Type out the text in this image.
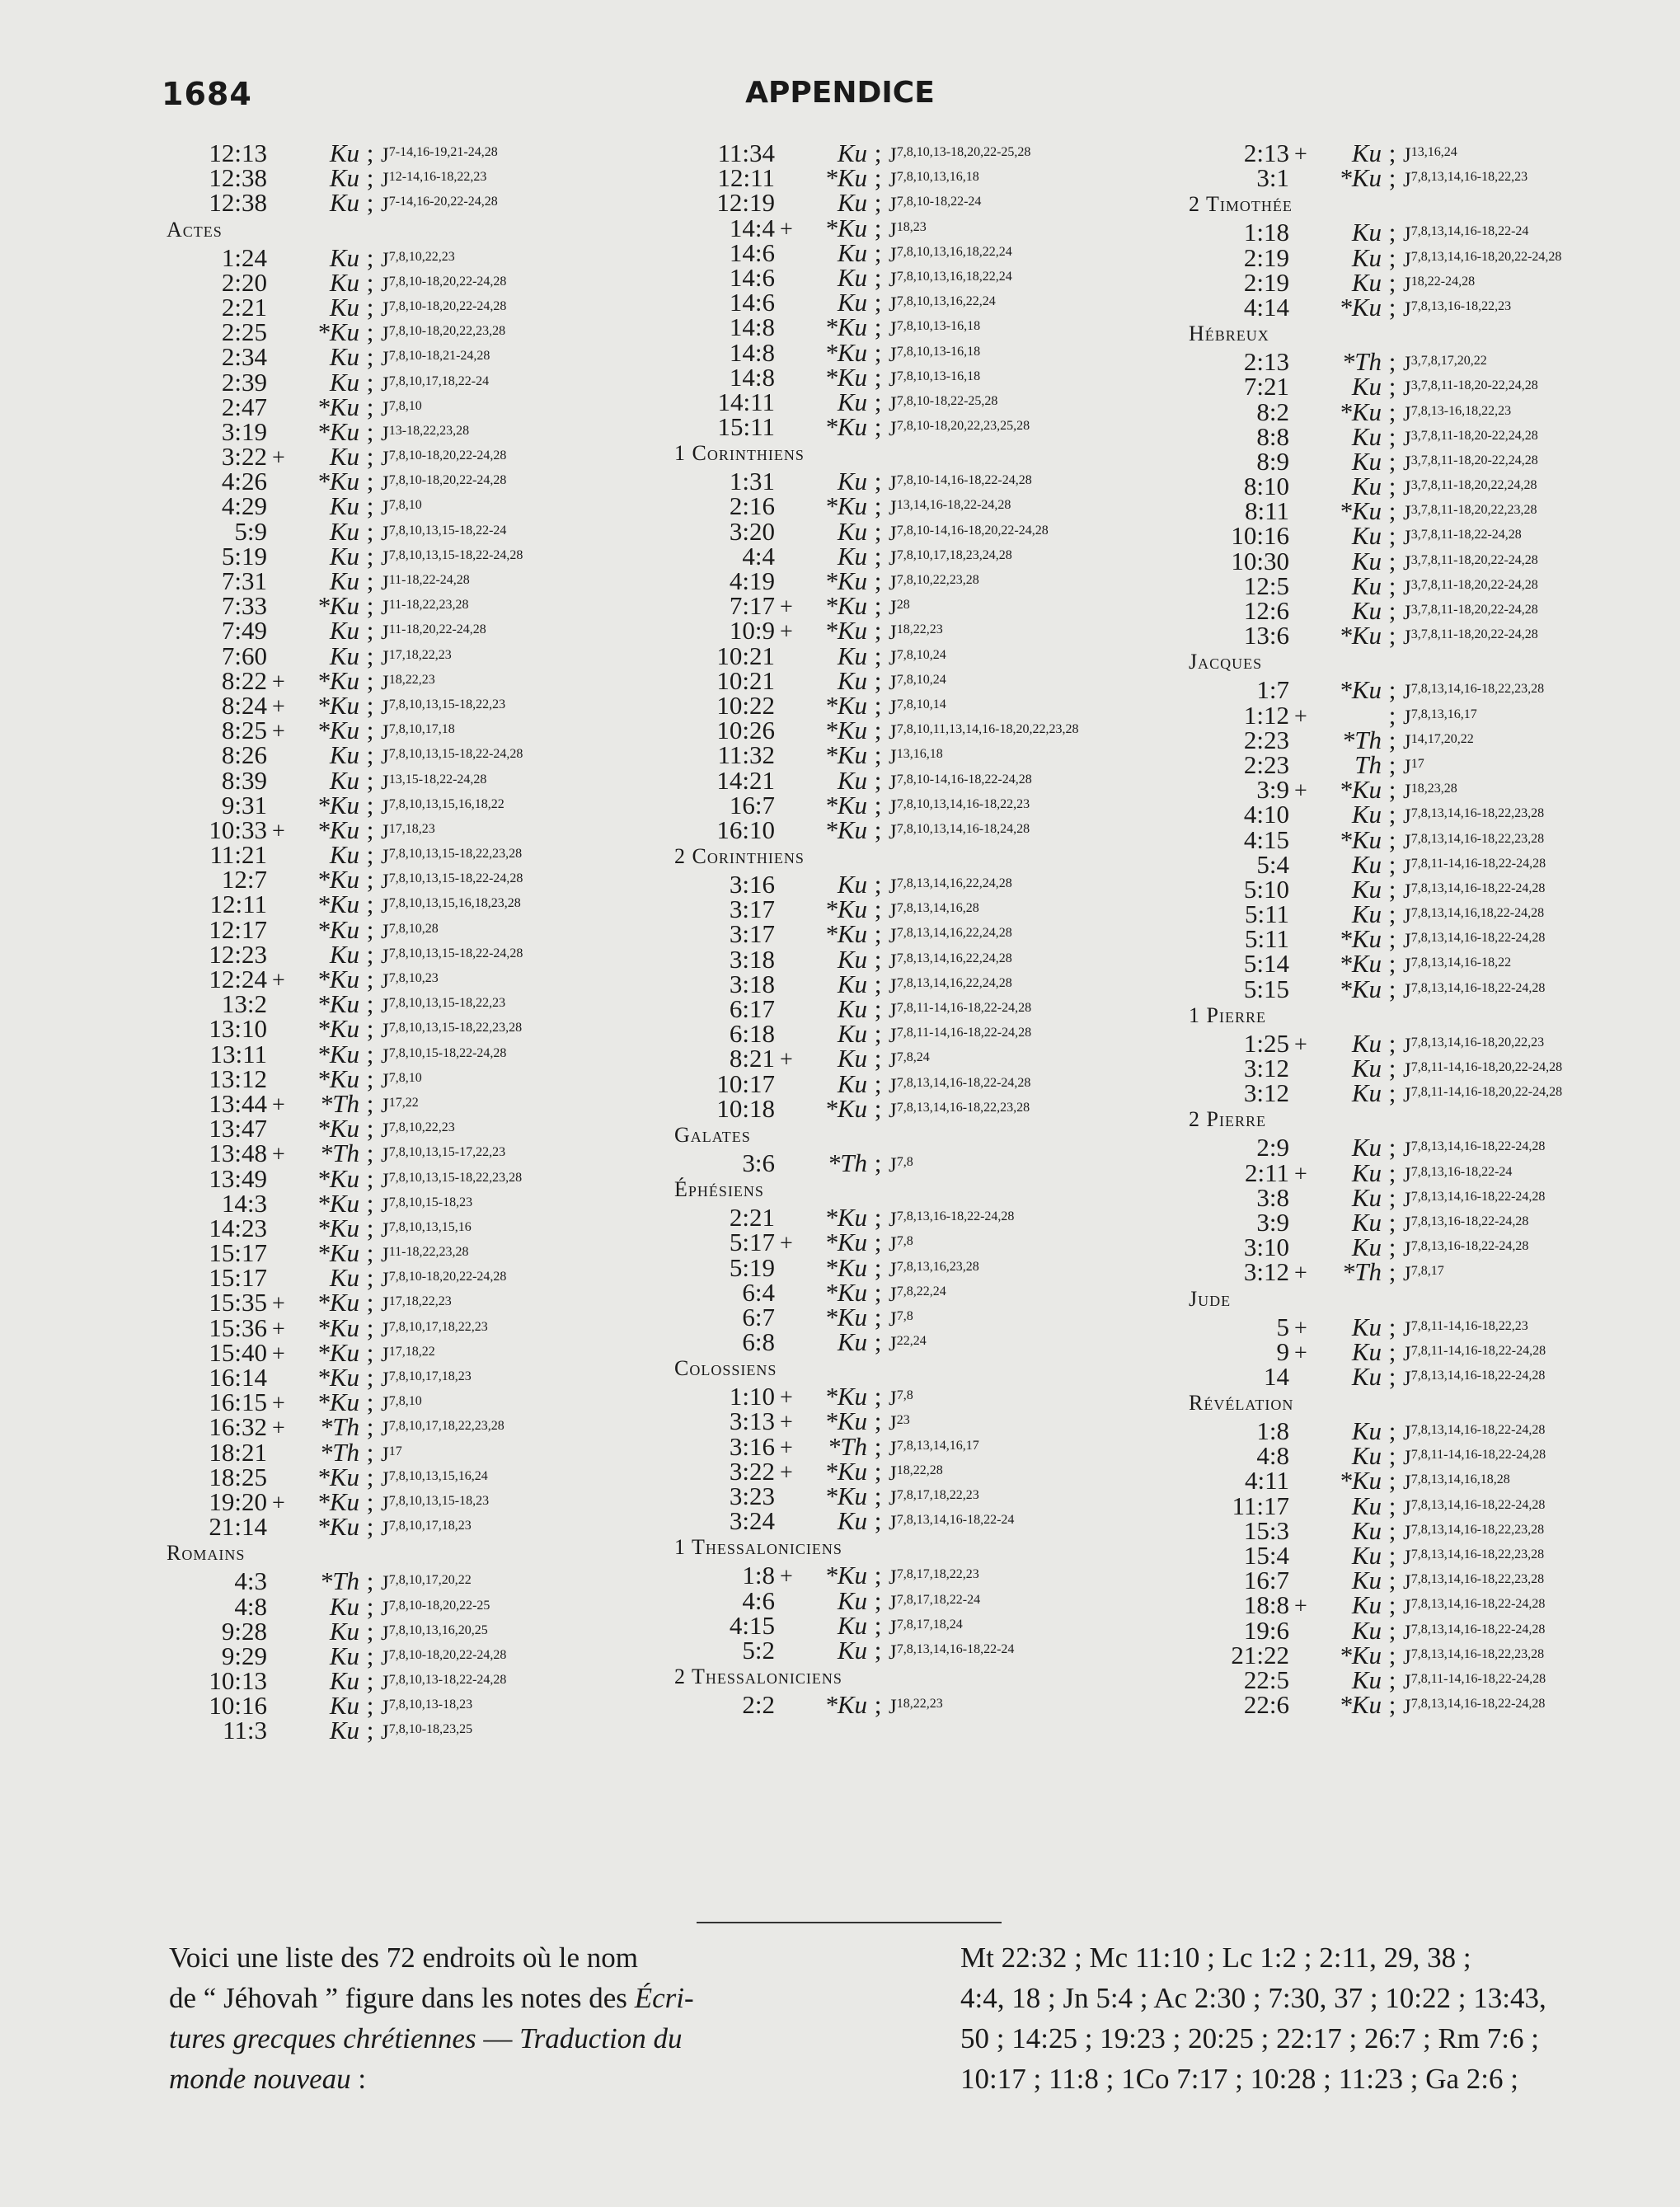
1684	APPENDICE
12:13	Ku ; J$^{7-14,16-19,21-24,28}$
12:38	Ku ; J$^{12-14,16-18,22,23}$
12:38	Ku ; J$^{7-14,16-20,22-24,28}$
Actes
1:24	Ku ; J$^{7,8,10,22,23}$
2:20	Ku ; J$^{7,8,10-18,20,22-24,28}$
2:21	Ku ; J$^{7,8,10-18,20,22-24,28}$
2:25	*Ku ; J$^{7,8,10-18,20,22,23,28}$
2:34	Ku ; J$^{7,8,10-18,21-24,28}$
2:39	Ku ; J$^{7,8,10,17,18,22-24}$
2:47	*Ku ; J$^{7,8,10}$
3:19	*Ku ; J$^{13-18,22,23,28}$
3:22 +	Ku ; J$^{7,8,10-18,20,22-24,28}$
4:26	*Ku ; J$^{7,8,10-18,20,22-24,28}$
4:29	Ku ; J$^{7,8,10}$
5:9	Ku ; J$^{7,8,10,13,15-18,22-24}$
5:19	Ku ; J$^{7,8,10,13,15-18,22-24,28}$
7:31	Ku ; J$^{11-18,22-24,28}$
7:33	*Ku ; J$^{11-18,22,23,28}$
7:49	Ku ; J$^{11-18,20,22-24,28}$
7:60	Ku ; J$^{17,18,22,23}$
8:22 +	*Ku ; J$^{18,22,23}$
8:24 +	*Ku ; J$^{7,8,10,13,15-18,22,23}$
8:25 +	*Ku ; J$^{7,8,10,17,18}$
8:26	Ku ; J$^{7,8,10,13,15-18,22-24,28}$
8:39	Ku ; J$^{13,15-18,22-24,28}$
9:31	*Ku ; J$^{7,8,10,13,15,16,18,22}$
10:33 +	*Ku ; J$^{17,18,23}$
11:21	Ku ; J$^{7,8,10,13,15-18,22,23,28}$
12:7	*Ku ; J$^{7,8,10,13,15-18,22-24,28}$
12:11	*Ku ; J$^{7,8,10,13,15,16,18,23,28}$
12:17	*Ku ; J$^{7,8,10,28}$
12:23	Ku ; J$^{7,8,10,13,15-18,22-24,28}$
12:24 +	*Ku ; J$^{7,8,10,23}$
13:2	*Ku ; J$^{7,8,10,13,15-18,22,23}$
13:10	*Ku ; J$^{7,8,10,13,15-18,22,23,28}$
13:11	*Ku ; J$^{7,8,10,15-18,22-24,28}$
13:12	*Ku ; J$^{7,8,10}$
13:44 +	*Th ; J$^{17,22}$
13:47	*Ku ; J$^{7,8,10,22,23}$
13:48 +	*Th ; J$^{7,8,10,13,15-17,22,23}$
13:49	*Ku ; J$^{7,8,10,13,15-18,22,23,28}$
14:3	*Ku ; J$^{7,8,10,15-18,23}$
14:23	*Ku ; J$^{7,8,10,13,15,16}$
15:17	*Ku ; J$^{11-18,22,23,28}$
15:17	Ku ; J$^{7,8,10-18,20,22-24,28}$
15:35 +	*Ku ; J$^{17,18,22,23}$
15:36 +	*Ku ; J$^{7,8,10,17,18,22,23}$
15:40 +	*Ku ; J$^{17,18,22}$
16:14	*Ku ; J$^{7,8,10,17,18,23}$
16:15 +	*Ku ; J$^{7,8,10}$
16:32 +	*Th ; J$^{7,8,10,17,18,22,23,28}$
18:21	*Th ; $J^{17}$
18:25	*Ku ; J$^{7,8,10,13,15,16,24}$
19:20 +	*Ku ; J$^{7,8,10,13,15-18,23}$
21:14	*Ku ; J$^{7,8,10,17,18,23}$
Romains
4:3	*Th ; J$^{7,8,10,17,20,22}$
4:8	Ku ; J$^{7,8,10-18,20,22-25}$
9:28	Ku ; J$^{7,8,10,13,16,20,25}$
9:29	Ku ; J$^{7,8,10-18,20,22-24,28}$
10:13	Ku ; J$^{7,8,10,13-18,22-24,28}$
10:16	Ku ; J$^{7,8,10,13-18,23}$
11:3	Ku ; J$^{7,8,10-18,23,25}$
11:34	Ku ; J$^{7,8,10,13-18,20,22-25,28}$
12:11	*Ku ; J$^{7,8,10,13,16,18}$
12:19	Ku ; J$^{7,8,10-18,22-24}$
14:4 +	*Ku ; J$^{18,23}$
14:6	Ku ; J$^{7,8,10,13,16,18,22,24}$
14:6	Ku ; J$^{7,8,10,13,16,18,22,24}$
14:6	Ku ; J$^{7,8,10,13,16,22,24}$
14:8	*Ku ; J$^{7,8,10,13-16,18}$
14:8	*Ku ; J$^{7,8,10,13-16,18}$
14:8	*Ku ; J$^{7,8,10,13-16,18}$
14:11	Ku ; J$^{7,8,10-18,22-25,28}$
15:11	*Ku ; J$^{7,8,10-18,20,22,23,25,28}$
1 Corinthiens
1:31	Ku ; J$^{7,8,10-14,16-18,22-24,28}$
2:16	*Ku ; J$^{13,14,16-18,22-24,28}$
3:20	Ku ; J$^{7,8,10-14,16-18,20,22-24,28}$
4:4	Ku ; J$^{7,8,10,17,18,23,24,28}$
4:19	*Ku ; J$^{7,8,10,22,23,28}$
7:17 +	*Ku ; $J^{28}$
10:9 +	*Ku ; J$^{18,22,23}$
10:21	Ku ; J$^{7,8,10,24}$
10:21	Ku ; J$^{7,8,10,24}$
10:22	*Ku ; J$^{7,8,10,14}$
10:26	*Ku ; J$^{7,8,10,11,13,14,16-18,20,22,23,28}$
11:32	*Ku ; J$^{13,16,18}$
14:21	Ku ; J$^{7,8,10-14,16-18,22-24,28}$
16:7	*Ku ; J$^{7,8,10,13,14,16-18,22,23}$
16:10	*Ku ; J$^{7,8,10,13,14,16-18,24,28}$
2 Corinthiens
3:16	Ku ; J$^{7,8,13,14,16,22,24,28}$
3:17	*Ku ; J$^{7,8,13,14,16,28}$
3:17	*Ku ; J$^{7,8,13,14,16,22,24,28}$
3:18	Ku ; J$^{7,8,13,14,16,22,24,28}$
3:18	Ku ; J$^{7,8,13,14,16,22,24,28}$
6:17	Ku ; J$^{7,8,11-14,16-18,22-24,28}$
6:18	Ku ; J$^{7,8,11-14,16-18,22-24,28}$
8:21 +	Ku ; J$^{7,8,24}$
10:17	Ku ; J$^{7,8,13,14,16-18,22-24,28}$
10:18	*Ku ; J$^{7,8,13,14,16-18,22,23,28}$
Galates
3:6	*Th ; J$^{7,8}$
Éphésiens
2:21	*Ku ; J$^{7,8,13,16-18,22-24,28}$
5:17 +	*Ku ; J$^{7,8}$
5:19	*Ku ; J$^{7,8,13,16,23,28}$
6:4	*Ku ; J$^{7,8,22,24}$
6:7	*Ku ; J$^{7,8}$
6:8	Ku ; J$^{22,24}$
Colossiens
1:10 +	*Ku ; J$^{7,8}$
3:13 +	*Ku ; $J^{23}$
3:16 +	*Th ; J$^{7,8,13,14,16,17}$
3:22 +	*Ku ; J$^{18,22,28}$
3:23	*Ku ; J$^{7,8,17,18,22,23}$
3:24	Ku ; J$^{7,8,13,14,16-18,22-24}$
1 Thessaloniciens
1:8 +	*Ku ; J$^{7,8,17,18,22,23}$
4:6	Ku ; J$^{7,8,17,18,22-24}$
4:15	Ku ; J$^{7,8,17,18,24}$
5:2	Ku ; J$^{7,8,13,14,16-18,22-24}$
2 Thessaloniciens
2:2	*Ku ; J$^{18,22,23}$
2:13 +	Ku ; J$^{13,16,24}$
3:1	*Ku ; J$^{7,8,13,14,16-18,22,23}$
2 Timothée
1:18	Ku ; J$^{7,8,13,14,16-18,22-24}$
2:19	Ku ; J$^{7,8,13,14,16-18,20,22-24,28}$
2:19	Ku ; J$^{18,22-24,28}$
4:14	*Ku ; J$^{7,8,13,16-18,22,23}$
Hébreux
2:13	*Th ; J$^{3,7,8,17,20,22}$
7:21	Ku ; J$^{3,7,8,11-18,20-22,24,28}$
8:2	*Ku ; J$^{7,8,13-16,18,22,23}$
8:8	Ku ; J$^{3,7,8,11-18,20-22,24,28}$
8:9	Ku ; J$^{3,7,8,11-18,20-22,24,28}$
8:10	Ku ; J$^{3,7,8,11-18,20,22,24,28}$
8:11	*Ku ; J$^{3,7,8,11-18,20,22,23,28}$
10:16	Ku ; J$^{3,7,8,11-18,22-24,28}$
10:30	Ku ; J$^{3,7,8,11-18,20,22-24,28}$
12:5	Ku ; J$^{3,7,8,11-18,20,22-24,28}$
12:6	Ku ; J$^{3,7,8,11-18,20,22-24,28}$
13:6	*Ku ; J$^{3,7,8,11-18,20,22-24,28}$
Jacques
1:7	*Ku ; J$^{7,8,13,14,16-18,22,23,28}$
1:12 +	; J$^{7,8,13,16,17}$
2:23	*Th ; J$^{14,17,20,22}$
2:23	Th ; $J^{17}$
3:9 +	*Ku ; J$^{18,23,28}$
4:10	Ku ; J$^{7,8,13,14,16-18,22,23,28}$
4:15	*Ku ; J$^{7,8,13,14,16-18,22,23,28}$
5:4	Ku ; J$^{7,8,11-14,16-18,22-24,28}$
5:10	Ku ; J$^{7,8,13,14,16-18,22-24,28}$
5:11	Ku ; J$^{7,8,13,14,16,18,22-24,28}$
5:11	*Ku ; J$^{7,8,13,14,16-18,22-24,28}$
5:14	*Ku ; J$^{7,8,13,14,16-18,22}$
5:15	*Ku ; J$^{7,8,13,14,16-18,22-24,28}$
1 Pierre
1:25 +	Ku ; J$^{7,8,13,14,16-18,20,22,23}$
3:12	Ku ; J$^{7,8,11-14,16-18,20,22-24,28}$
3:12	Ku ; J$^{7,8,11-14,16-18,20,22-24,28}$
2 Pierre
2:9	Ku ; J$^{7,8,13,14,16-18,22-24,28}$
2:11 +	Ku ; J$^{7,8,13,16-18,22-24}$
3:8	Ku ; J$^{7,8,13,14,16-18,22-24,28}$
3:9	Ku ; J$^{7,8,13,16-18,22-24,28}$
3:10	Ku ; J$^{7,8,13,16-18,22-24,28}$
3:12 +	*Th ; J$^{7,8,17}$
Jude
5 +	Ku ; J$^{7,8,11-14,16-18,22,23}$
9 +	Ku ; J$^{7,8,11-14,16-18,22-24,28}$
14	Ku ; J$^{7,8,13,14,16-18,22-24,28}$
Révélation
1:8	Ku ; J$^{7,8,13,14,16-18,22-24,28}$
4:8	Ku ; J$^{7,8,11-14,16-18,22-24,28}$
4:11	*Ku ; J$^{7,8,13,14,16,18,28}$
11:17	Ku ; J$^{7,8,13,14,16-18,22-24,28}$
15:3	Ku ; J$^{7,8,13,14,16-18,22,23,28}$
15:4	Ku ; J$^{7,8,13,14,16-18,22,23,28}$
16:7	Ku ; J$^{7,8,13,14,16-18,22,23,28}$
18:8 +	Ku ; J$^{7,8,13,14,16-18,22-24,28}$
19:6	Ku ; J$^{7,8,13,14,16-18,22-24,28}$
21:22	*Ku ; J$^{7,8,13,14,16-18,22,23,28}$
22:5	Ku ; J$^{7,8,11-14,16-18,22-24,28}$
22:6	*Ku ; J$^{7,8,13,14,16-18,22-24,28}$
Voici une liste des 72 endroits où le nom
de “ Jéhovah ” figure dans les notes des Écri-
tures grecques chrétiennes — Traduction du
monde nouveau :
Mt 22:32 ; Mc 11:10 ; Lc 1:2 ; 2:11, 29, 38 ;
4:4, 18 ; Jn 5:4 ; Ac 2:30 ; 7:30, 37 ; 10:22 ; 13:43,
50 ; 14:25 ; 19:23 ; 20:25 ; 22:17 ; 26:7 ; Rm 7:6 ;
10:17 ; 11:8 ; 1Co 7:17 ; 10:28 ; 11:23 ; Ga 2:6 ;
